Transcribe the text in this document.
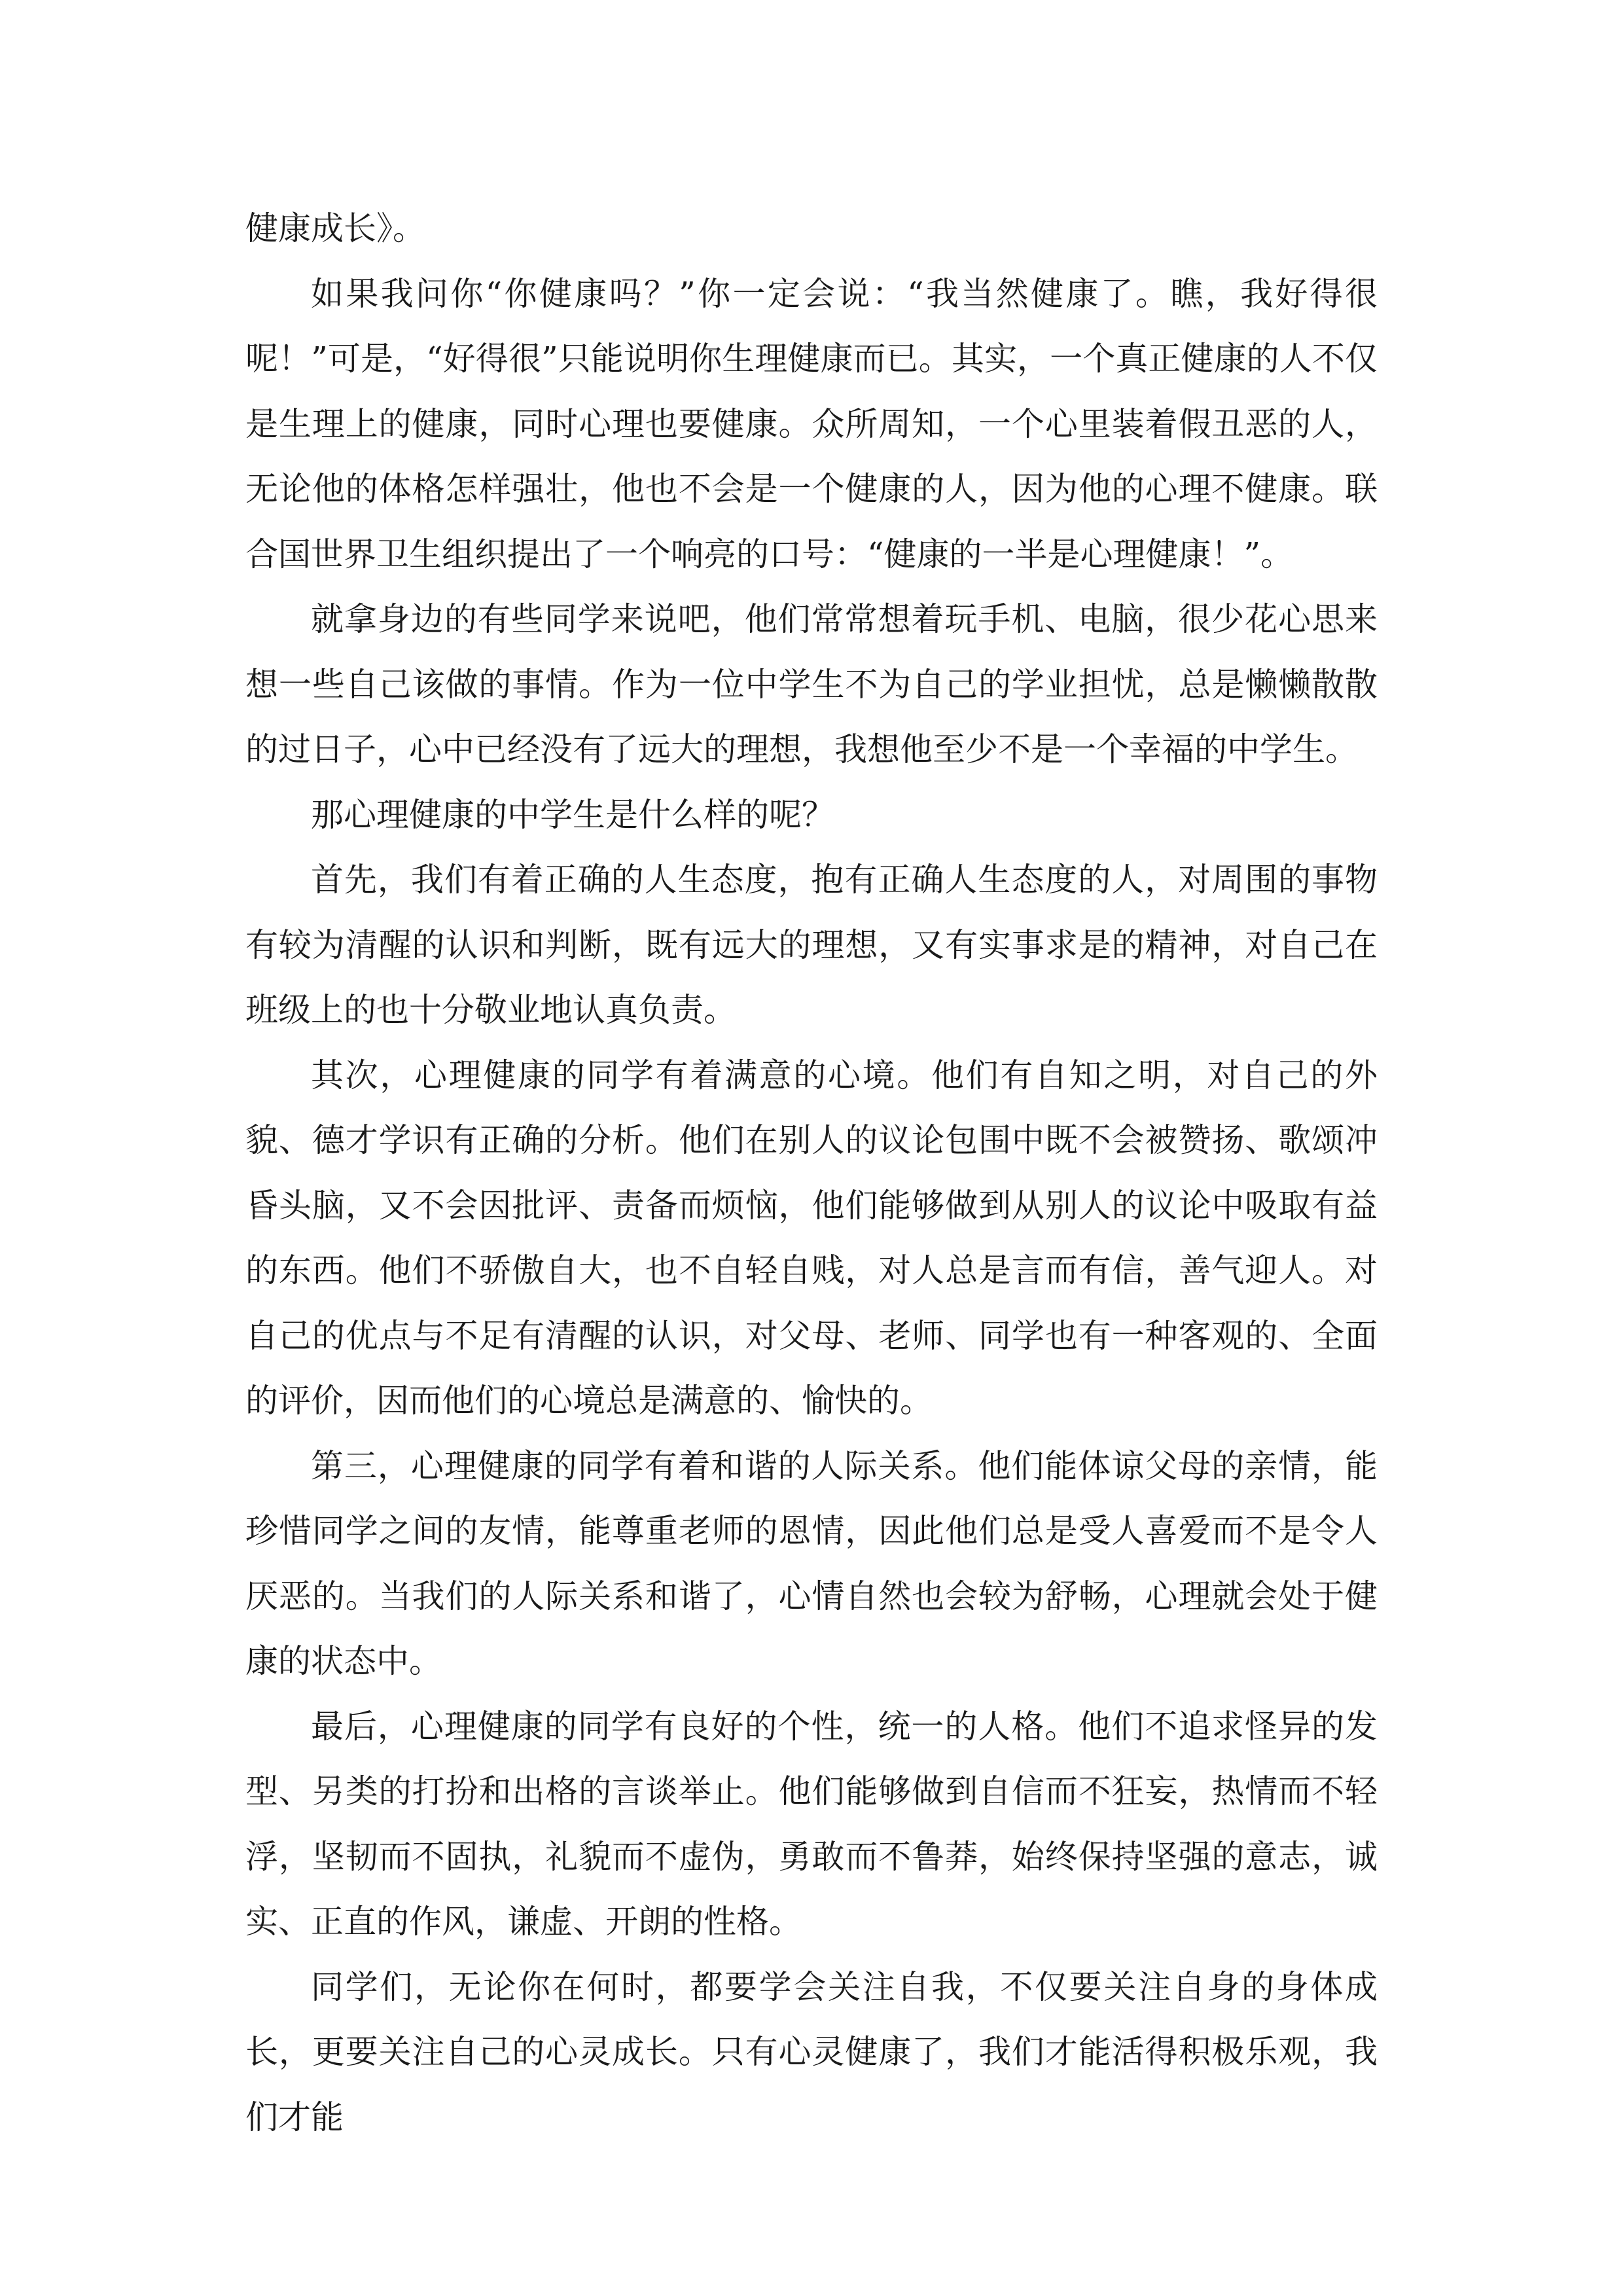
健康成长》。

如果我问你“你健康吗？”你一定会说：“我当然健康了。瞧，我好得很呢！”可是，“好得很”只能说明你生理健康而已。其实，一个真正健康的人不仅是生理上的健康，同时心理也要健康。众所周知，一个心里装着假丑恶的人，无论他的体格怎样强壮，他也不会是一个健康的人，因为他的心理不健康。联合国世界卫生组织提出了一个响亮的口号：“健康的一半是心理健康！”。

就拿身边的有些同学来说吧，他们常常想着玩手机、电脑，很少花心思来想一些自己该做的事情。作为一位中学生不为自己的学业担忧，总是懒懒散散的过日子，心中已经没有了远大的理想，我想他至少不是一个幸福的中学生。

那心理健康的中学生是什么样的呢？

首先，我们有着正确的人生态度，抱有正确人生态度的人，对周围的事物有较为清醒的认识和判断，既有远大的理想，又有实事求是的精神，对自己在班级上的也十分敬业地认真负责。

其次，心理健康的同学有着满意的心境。他们有自知之明，对自己的外貌、德才学识有正确的分析。他们在别人的议论包围中既不会被赞扬、歌颂冲昏头脑，又不会因批评、责备而烦恼，他们能够做到从别人的议论中吸取有益的东西。他们不骄傲自大，也不自轻自贱，对人总是言而有信，善气迎人。对自己的优点与不足有清醒的认识，对父母、老师、同学也有一种客观的、全面的评价，因而他们的心境总是满意的、愉快的。

第三，心理健康的同学有着和谐的人际关系。他们能体谅父母的亲情，能珍惜同学之间的友情，能尊重老师的恩情，因此他们总是受人喜爱而不是令人厌恶的。当我们的人际关系和谐了，心情自然也会较为舒畅，心理就会处于健康的状态中。

最后，心理健康的同学有良好的个性，统一的人格。他们不追求怪异的发型、另类的打扮和出格的言谈举止。他们能够做到自信而不狂妄，热情而不轻浮，坚韧而不固执，礼貌而不虚伪，勇敢而不鲁莽，始终保持坚强的意志，诚实、正直的作风，谦虚、开朗的性格。

同学们，无论你在何时，都要学会关注自我，不仅要关注自身的身体成长，更要关注自己的心灵成长。只有心灵健康了，我们才能活得积极乐观，我们才能
